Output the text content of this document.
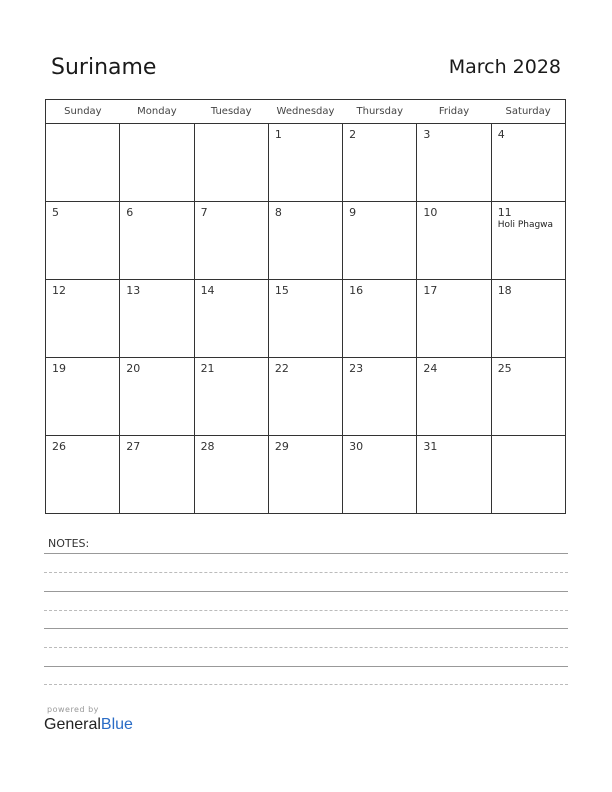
Suriname	March 2028
Sunday	Monday	Tuesday	Wednesday	Thursday	Friday	Saturday

			1	2	3	4

5	6	7	8	9	10	11
Holi Phagwa

12	13	14	15	16	17	18

19	20	21	22	23	24	25

26	27	28	29	30	31	

NOTES:
powered by
GeneralBlue
